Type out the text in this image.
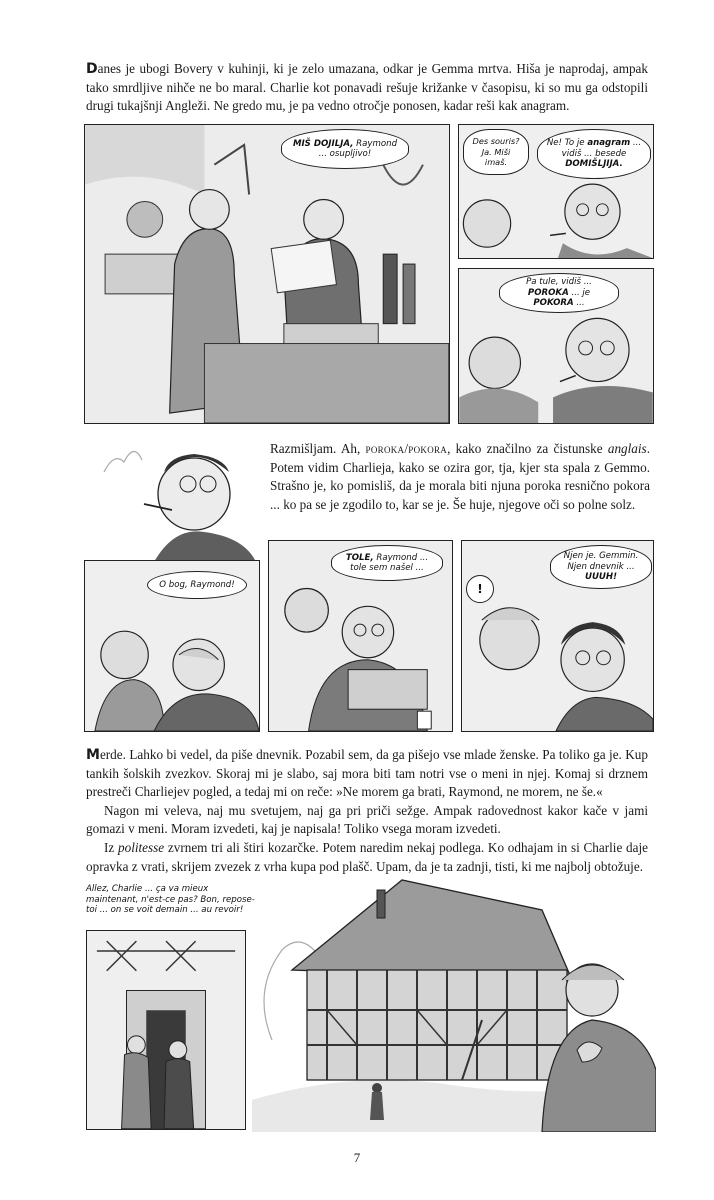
Danes je ubogi Bovery v kuhinji, ki je zelo umazana, odkar je Gemma mrtva. Hiša je naprodaj, ampak tako smrdljive nihče ne bo maral. Charlie kot ponavadi rešuje križanke v časopisu, ki so mu ga odstopili drugi tukajšnji Angleži. Ne gredo mu, je pa vedno otročje ponosen, kadar reši kak anagram.

MIŠ DOJILJA, Raymond ... osupljivo!
Des souris? Ja. Miši imaš.
Ne! To je anagram ... vidiš ... besede DOMIŠLJIJA.
Pa tule, vidiš ... POROKA ... je POKORA ...

Razmišljam. Ah, poroka/pokora, kako značilno za čistunske anglais. Potem vidim Charlieja, kako se ozira gor, tja, kjer sta spala z Gemmo. Strašno je, ko pomisliš, da je morala biti njuna poroka resnično pokora ... ko pa se je zgodilo to, kar se je. Še huje, njegove oči so polne solz.

O bog, Raymond!
TOLE, Raymond ... tole sem našel ...
!
Njen je. Gemmin. Njen dnevnik ... UUUH!

Merde. Lahko bi vedel, da piše dnevnik. Pozabil sem, da ga pišejo vse mlade ženske. Pa toliko ga je. Kup tankih šolskih zvezkov. Skoraj mi je slabo, saj mora biti tam notri vse o meni in njej. Komaj si drznem prestreči Charliejev pogled, a tedaj mi on reče: »Ne morem ga brati, Raymond, ne morem, ne še.«

Nagon mi veleva, naj mu svetujem, naj ga pri priči sežge. Ampak radovednost kakor kače v jami gomazi v meni. Moram izvedeti, kaj je napisala! Toliko vsega moram izvedeti.

Iz politesse zvrnem tri ali štiri kozarčke. Potem naredim nekaj podlega. Ko odhajam in si Charlie daje opravka z vrati, skrijem zvezek z vrha kupa pod plašč. Upam, da je ta zadnji, tisti, ki me najbolj obtožuje.

Allez, Charlie ... ça va mieux maintenant, n'est-ce pas? Bon, repose-toi ... on se voit demain ... au revoir!
7
